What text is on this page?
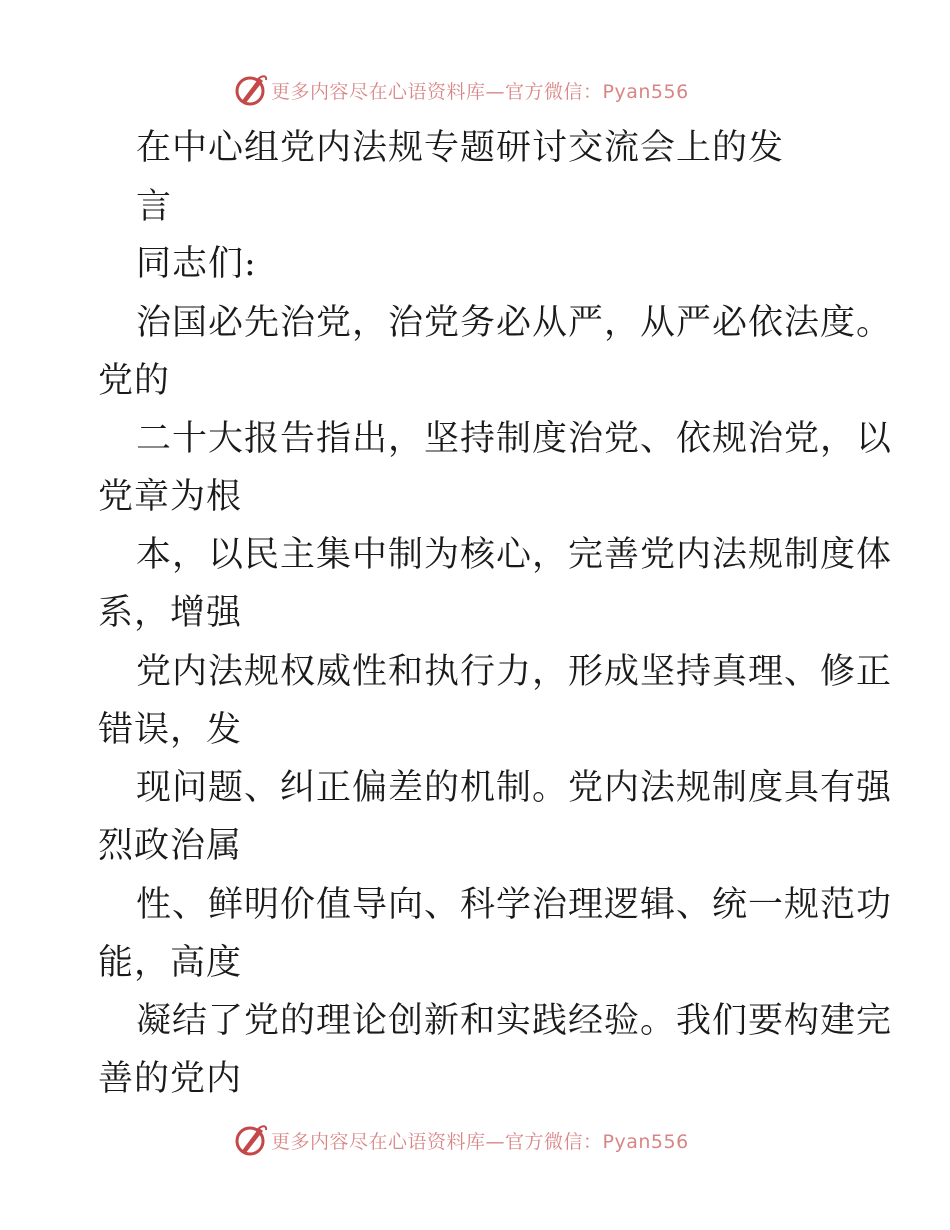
更多内容尽在心语资料库—官方微信：Pyan556
在中心组党内法规专题研讨交流会上的发
言
同志们:
治国必先治党，治党务必从严，从严必依法度。
党的
二十大报告指出，坚持制度治党、依规治党，以
党章为根
本，以民主集中制为核心，完善党内法规制度体
系，增强
党内法规权威性和执行力，形成坚持真理、修正
错误，发
现问题、纠正偏差的机制。党内法规制度具有强
烈政治属
性、鲜明价值导向、科学治理逻辑、统一规范功
能，高度
凝结了党的理论创新和实践经验。我们要构建完
善的党内
更多内容尽在心语资料库—官方微信：Pyan556
